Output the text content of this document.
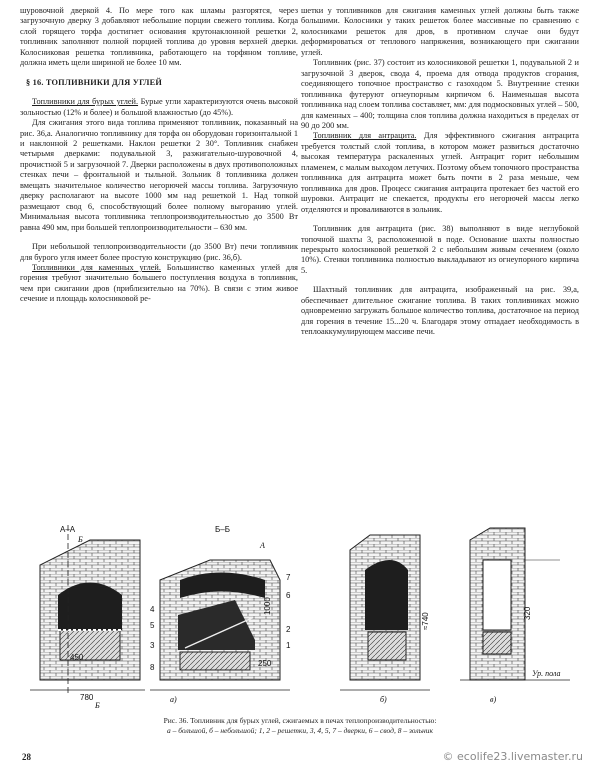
шуровочной дверкой 4. По мере того как шламы разгорятся, через загрузочную дверку 3 добавляют небольшие порции свежего топлива. Когда слой горящего торфа достигнет основания крутонаклонной решетки 2, топливник заполняют полной порцией топлива до уровня верхней дверки. Колосниковая решетка топливника, работающего на торфяном топливе, должна иметь щели шириной не более 10 мм.

§ 16. ТОПЛИВНИКИ ДЛЯ УГЛЕЙ

Топливники для бурых углей. Бурые угли характеризуются очень высокой зольностью (12% и более) и большой влажностью (до 45%).

Для сжигания этого вида топлива применяют топливник, показанный на рис. 36,а. Аналогично топливнику для торфа он оборудован горизонтальной 1 и наклонной 2 решетками. Наклон решетки 2 30°. Топливник снабжен четырьмя дверками: подувальной 3, разжигательно-шуровочной 4, прочистной 5 и загрузочной 7. Дверки расположены в двух противоположных стенках печи – фронтальной и тыльной. Зольник 8 топливника должен вмещать значительное количество негорючей массы топлива. Загрузочную дверку располагают на высоте 1000 мм над решеткой 1. Над топкой размещают свод 6, способствующий более полному выгоранию углей. Минимальная высота топливника теплопроизводительностью до 3500 Вт равна 490 мм, при большей теплопроизводительности – 630 мм.

При небольшой теплопроизводительности (до 3500 Вт) печи топливник для бурого угля имеет более простую конструкцию (рис. 36,б).

Топливники для каменных углей. Большинство каменных углей для горения требуют значительно большего поступления воздуха в топливник, чем при сжигании дров (приблизительно на 70%). В связи с этим живое сечение и площадь колосниковой ре-

шетки у топливников для сжигания каменных углей должны быть также большими. Колосники у таких решеток более массивные по сравнению с колосниками решеток для дров, в противном случае они будут деформироваться от теплового напряжения, возникающего при сжигании углей.

Топливник (рис. 37) состоит из колосниковой решетки 1, подувальной 2 и загрузочной 3 дверок, свода 4, проема для отвода продуктов сгорания, соединяющего топочное пространство с газоходом 5. Внутренние стенки топливника футеруют огнеупорным кирпичом 6. Наименьшая высота топливника над слоем топлива составляет, мм: для подмосковных углей – 500, для каменных – 400; толщина слоя топлива должна находиться в пределах от 90 до 200 мм.

Топливник для антрацита. Для эффективного сжигания антрацита требуется толстый слой топлива, в котором может развиться достаточно высокая температура раскаленных углей. Антрацит горит небольшим пламенем, с малым выходом летучих. Поэтому объем топочного пространства топливника для антрацита может быть почти в 2 раза меньше, чем топливника для дров. Процесс сжигания антрацита протекает без частой его шуровки. Антрацит не спекается, продукты его негорючей массы легко отделяются и проваливаются в зольник.

Топливник для антрацита (рис. 38) выполняют в виде неглубокой топочной шахты 3, расположенной в поде. Основание шахты полностью перекрыто колосниковой решеткой 2 с небольшим живым сечением (около 10%). Стенки топливника полностью выкладывают из огнеупорного кирпича 5.

Шахтный топливник для антрацита, изображенный на рис. 39,а, обеспечивает длительное сжигание топлива. В таких топливниках можно одновременно загружать большое количество топлива, достаточное на период для горения в течение 15...20 ч. Благодаря этому отпадает необходимость в теплоаккумулирующем массиве печи.

А–А
Б
450
780
Б
Б–Б
А
7
6
4
5
3
8
2
1
250
1000
а)	б)
≈740
в)
320
Ур. пола
Рис. 36. Топливник для бурых углей, сжигаемых в печах теплопроизводительностью:
а – большой, б – небольшой; 1, 2 – решетки, 3, 4, 5, 7 – дверки, 6 – свод, 8 – зольник
28	© ecolife23.livemaster.ru
